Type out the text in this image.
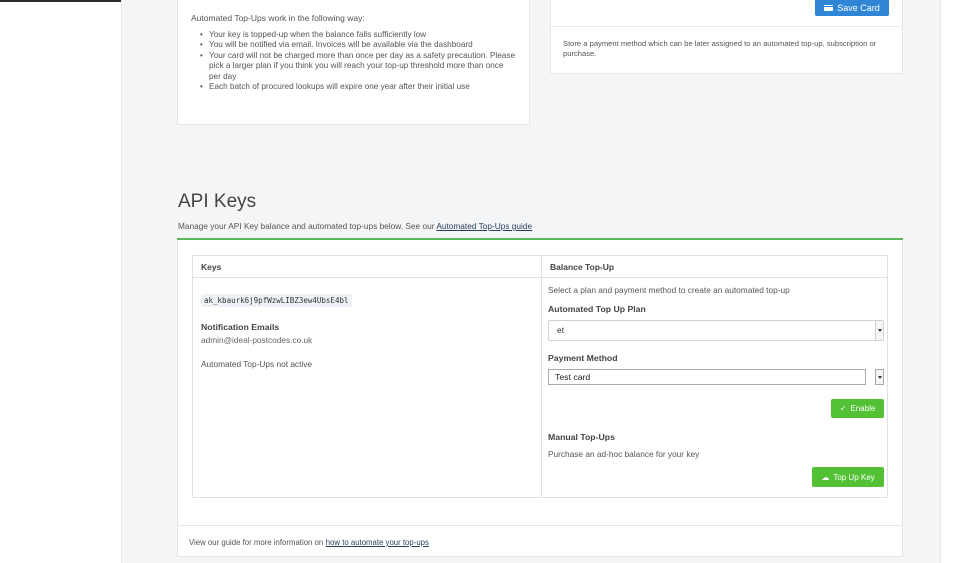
Automated Top-Ups work in the following way:
• Your key is topped-up when the balance falls sufficiently low
• You will be notified via email. Invoices will be available via the dashboard
• Your card will not be charged more than once per day as a safety precaution. Please pick a larger plan if you think you will reach your top-up threshold more than once per day
• Each batch of procured lookups will expire one year after their initial use
Save Card
Store a payment method which can be later assigned to an automated top-up, subscription or purchase.
API Keys
Manage your API Key balance and automated top-ups below. See our Automated Top-Ups guide
Keys
ak_kbaurk6j9pfWzwLIBZ3ew4UbsE4bl
Notification Emails
admin@ideal-postcodes.co.uk
Automated Top-Ups not active
Balance Top-Up
Select a plan and payment method to create an automated top-up
Automated Top Up Plan
et
Payment Method
Test card
✓ Enable
Manual Top-Ups
Purchase an ad-hoc balance for your key
☁ Top Up Key
View our guide for more information on how to automate your top-ups
